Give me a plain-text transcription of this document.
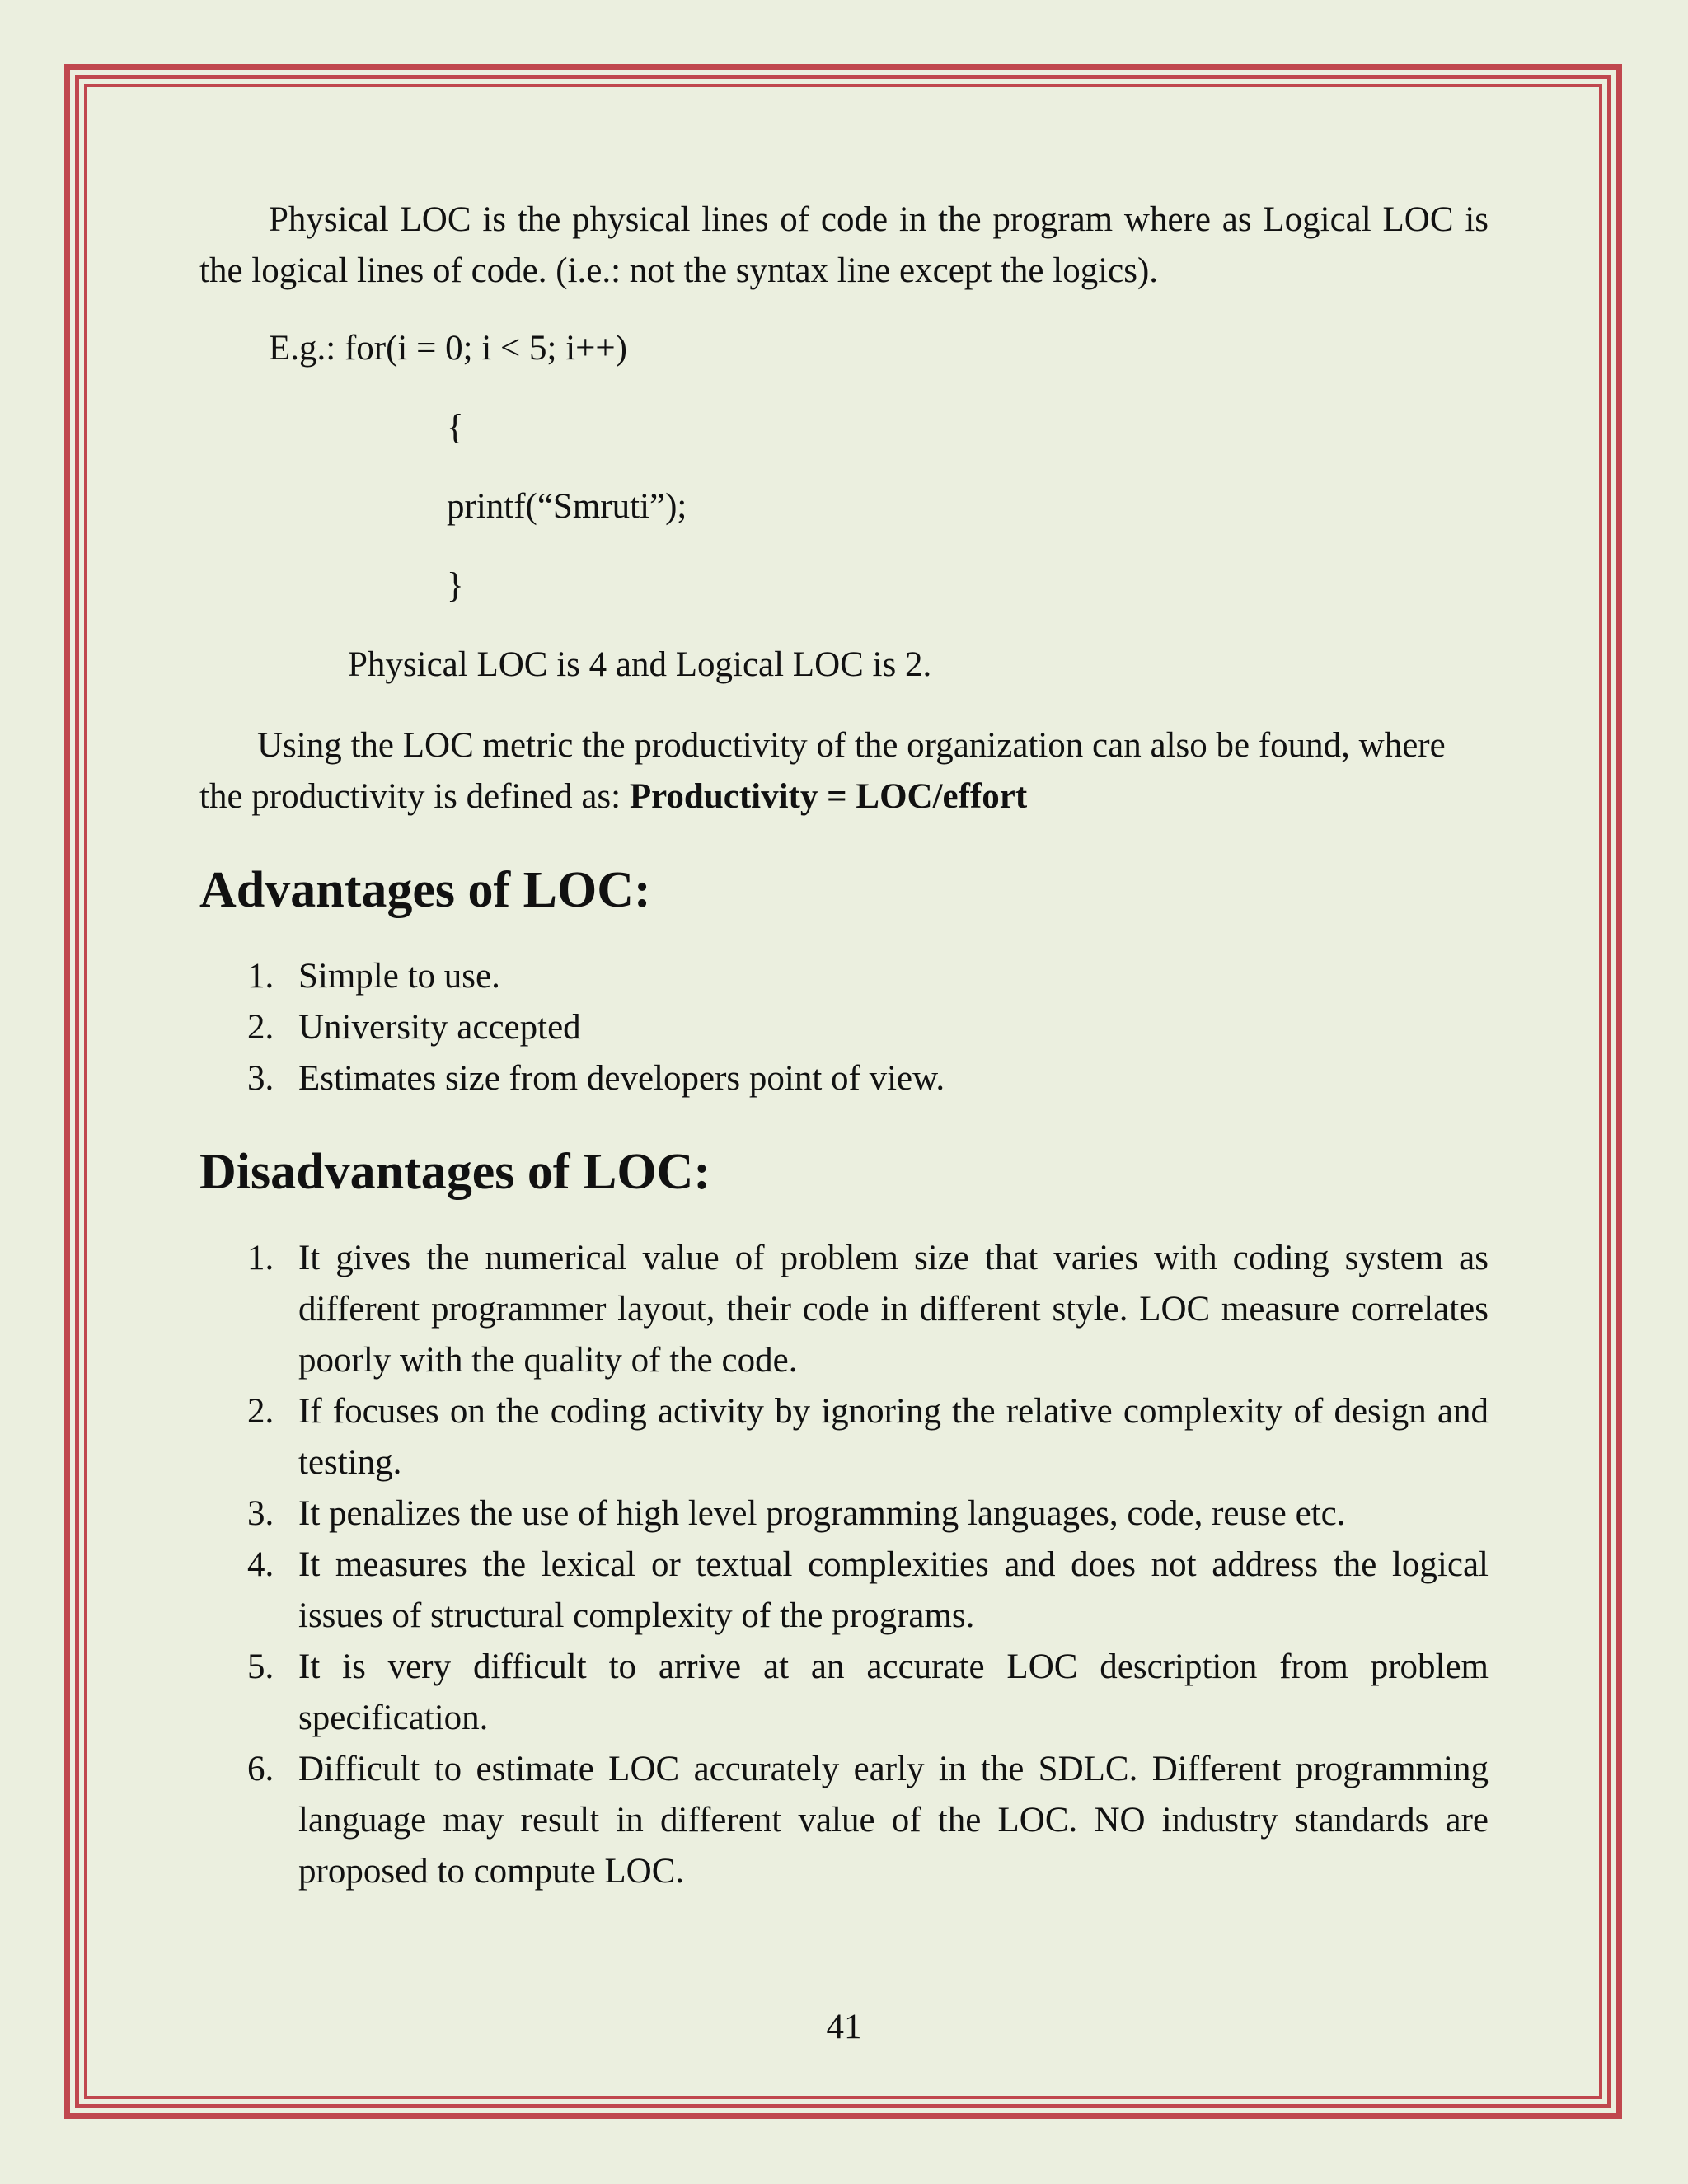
Physical LOC is the physical lines of code in the program where as Logical LOC is the logical lines of code. (i.e.: not the syntax line except the logics).

E.g.: for(i = 0; i < 5; i++)

{

printf(“Smruti”);

}

Physical LOC is 4 and Logical LOC is 2.

Using the LOC metric the productivity of the organization can also be found, where the productivity is defined as: Productivity = LOC/effort

Advantages of LOC:
1. Simple to use.
2. University accepted
3. Estimates size from developers point of view.
Disadvantages of LOC:
1. It gives the numerical value of problem size that varies with coding system as different programmer layout, their code in different style. LOC measure correlates poorly with the quality of the code.
2. If focuses on the coding activity by ignoring the relative complexity of design and testing.
3. It penalizes the use of high level programming languages, code, reuse etc.
4. It measures the lexical or textual complexities and does not address the logical issues of structural complexity of the programs.
5. It is very difficult to arrive at an accurate LOC description from problem specification.
6. Difficult to estimate LOC accurately early in the SDLC. Different programming language may result in different value of the LOC. NO industry standards are proposed to compute LOC.
41
